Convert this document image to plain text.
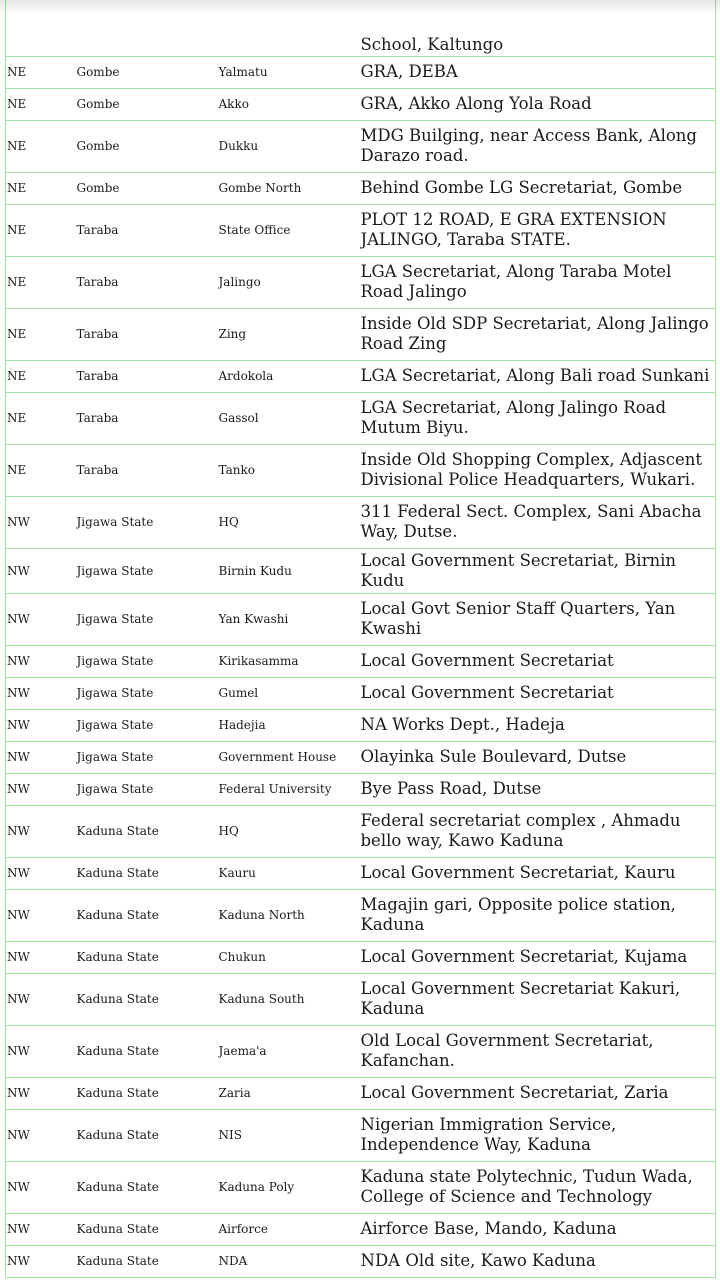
			School, Kaltungo
NE	Gombe	Yalmatu	GRA, DEBA
NE	Gombe	Akko	GRA, Akko Along Yola Road
NE	Gombe	Dukku	MDG Builging, near Access Bank, Along Darazo road.
NE	Gombe	Gombe North	Behind Gombe LG Secretariat, Gombe
NE	Taraba	State Office	PLOT 12 ROAD, E GRA EXTENSION JALINGO, Taraba STATE.
NE	Taraba	Jalingo	LGA Secretariat, Along Taraba Motel Road Jalingo
NE	Taraba	Zing	Inside Old SDP Secretariat, Along Jalingo Road Zing
NE	Taraba	Ardokola	LGA Secretariat, Along Bali road Sunkani
NE	Taraba	Gassol	LGA Secretariat, Along Jalingo Road Mutum Biyu.
NE	Taraba	Tanko	Inside Old Shopping Complex, Adjascent Divisional Police Headquarters, Wukari.
NW	Jigawa State	HQ	311 Federal Sect. Complex, Sani Abacha Way, Dutse.
NW	Jigawa State	Birnin Kudu	Local Government Secretariat, Birnin Kudu
NW	Jigawa State	Yan Kwashi	Local Govt Senior Staff Quarters, Yan Kwashi
NW	Jigawa State	Kirikasamma	Local Government Secretariat
NW	Jigawa State	Gumel	Local Government Secretariat
NW	Jigawa State	Hadejia	NA Works Dept., Hadeja
NW	Jigawa State	Government House	Olayinka Sule Boulevard, Dutse
NW	Jigawa State	Federal University	Bye Pass Road, Dutse
NW	Kaduna State	HQ	Federal secretariat complex , Ahmadu bello way, Kawo Kaduna
NW	Kaduna State	Kauru	Local Government Secretariat, Kauru
NW	Kaduna State	Kaduna North	Magajin gari, Opposite police station, Kaduna
NW	Kaduna State	Chukun	Local Government Secretariat, Kujama
NW	Kaduna State	Kaduna South	Local Government Secretariat Kakuri, Kaduna
NW	Kaduna State	Jaema'a	Old Local Government Secretariat, Kafanchan.
NW	Kaduna State	Zaria	Local Government Secretariat, Zaria
NW	Kaduna State	NIS	Nigerian Immigration Service, Independence Way, Kaduna
NW	Kaduna State	Kaduna Poly	Kaduna state Polytechnic, Tudun Wada, College of Science and Technology
NW	Kaduna State	Airforce	Airforce Base, Mando, Kaduna
NW	Kaduna State	NDA	NDA Old site, Kawo Kaduna
